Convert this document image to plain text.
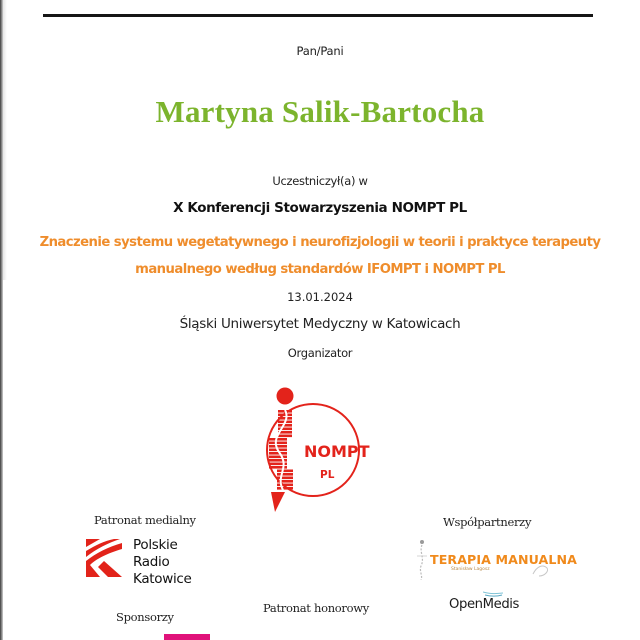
Pan/Pani
Martyna Salik-Bartocha
Uczestniczył(a) w
X Konferencji Stowarzyszenia NOMPT PL
Znaczenie systemu wegetatywnego i neurofizjologii w teorii i praktyce terapeuty
manualnego według standardów IFOMPT i NOMPT PL
13.01.2024
Śląski Uniwersytet Medyczny w Katowicach
Organizator
NOMPT
PL
Patronat medialny	Współpartnerzy
Patronat honorowy
Sponsorzy
Polskie
Radio
Katowice
TERAPIA MANUALNA
Stanisław Lagosz
OpenMedis
